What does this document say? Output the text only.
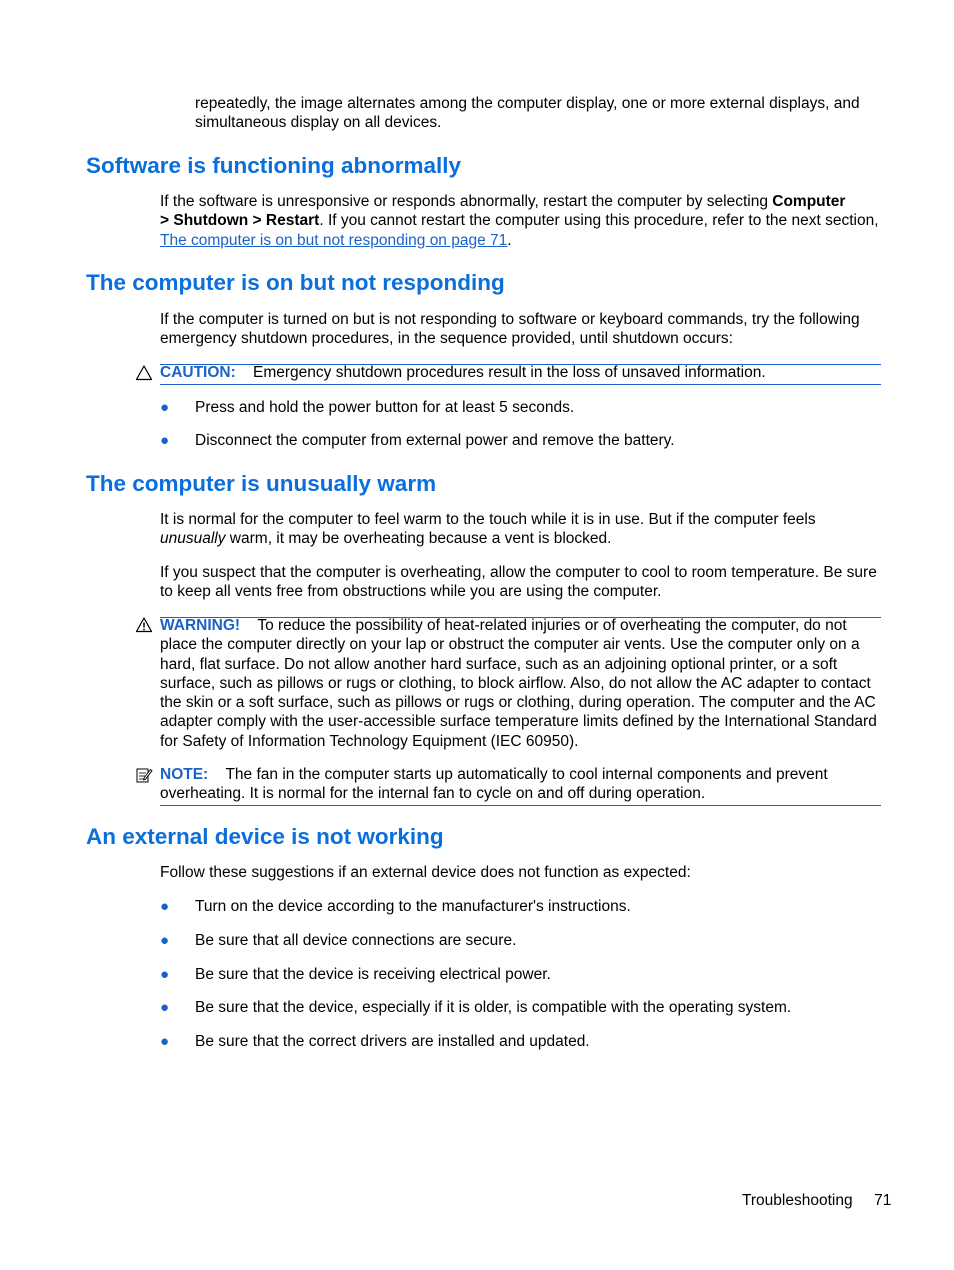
repeatedly, the image alternates among the computer display, one or more external displays, and simultaneous display on all devices.
Software is functioning abnormally
If the software is unresponsive or responds abnormally, restart the computer by selecting Computer
> Shutdown > Restart. If you cannot restart the computer using this procedure, refer to the next section, The computer is on but not responding on page 71.
The computer is on but not responding
If the computer is turned on but is not responding to software or keyboard commands, try the following emergency shutdown procedures, in the sequence provided, until shutdown occurs:
CAUTION: Emergency shutdown procedures result in the loss of unsaved information.
● Press and hold the power button for at least 5 seconds.
● Disconnect the computer from external power and remove the battery.
The computer is unusually warm
It is normal for the computer to feel warm to the touch while it is in use. But if the computer feels unusually warm, it may be overheating because a vent is blocked.
If you suspect that the computer is overheating, allow the computer to cool to room temperature. Be sure to keep all vents free from obstructions while you are using the computer.
WARNING! To reduce the possibility of heat-related injuries or of overheating the computer, do not place the computer directly on your lap or obstruct the computer air vents. Use the computer only on a hard, flat surface. Do not allow another hard surface, such as an adjoining optional printer, or a soft surface, such as pillows or rugs or clothing, to block airflow. Also, do not allow the AC adapter to contact the skin or a soft surface, such as pillows or rugs or clothing, during operation. The computer and the AC adapter comply with the user-accessible surface temperature limits defined by the International Standard for Safety of Information Technology Equipment (IEC 60950).
NOTE: The fan in the computer starts up automatically to cool internal components and prevent overheating. It is normal for the internal fan to cycle on and off during operation.
An external device is not working
Follow these suggestions if an external device does not function as expected:
● Turn on the device according to the manufacturer's instructions.
● Be sure that all device connections are secure.
● Be sure that the device is receiving electrical power.
● Be sure that the device, especially if it is older, is compatible with the operating system.
● Be sure that the correct drivers are installed and updated.
Troubleshooting 71
